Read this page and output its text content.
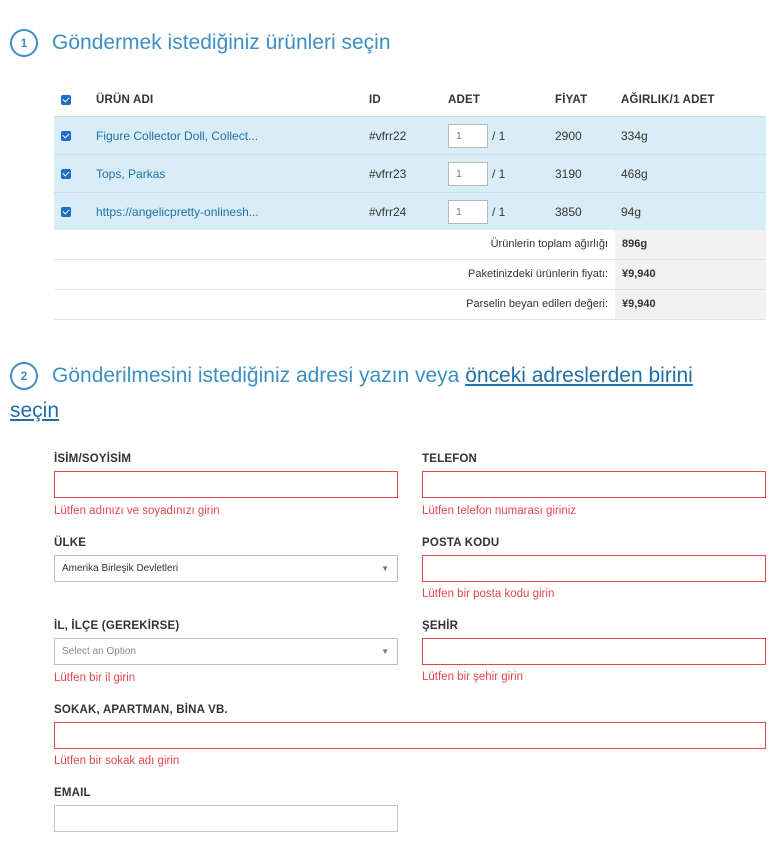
1	Göndermek istediğiniz ürünleri seçin
ÜRÜN ADI	ID	ADET	FİYAT	AĞIRLIK/1 ADET
Figure Collector Doll, Collect...	#vfrr22	1	/ 1	2900	334g
Tops, Parkas	#vfrr23	1	/ 1	3190	468g
https://angelicpretty-onlinesh...	#vfrr24	1	/ 1	3850	94g
Ürünlerin toplam ağırlığı	896g
Paketinizdeki ürünlerin fiyatı:	¥9,940
Parselin beyan edilen değeri:	¥9,940
2	Gönderilmesini istediğiniz adresi yazın veya önceki adreslerden birini
seçin
İSİM/SOYİSİM
Lütfen adınızı ve soyadınızı girin
TELEFON
Lütfen telefon numarası giriniz
ÜLKE
Amerika Birleşik Devletleri	▼
POSTA KODU
Lütfen bir posta kodu girin
İL, İLÇE (GEREKİRSE)
Select an Option	▼
Lütfen bir il girin
ŞEHİR
Lütfen bir şehir girin
SOKAK, APARTMAN, BİNA VB.
Lütfen bir sokak adı girin
EMAIL
